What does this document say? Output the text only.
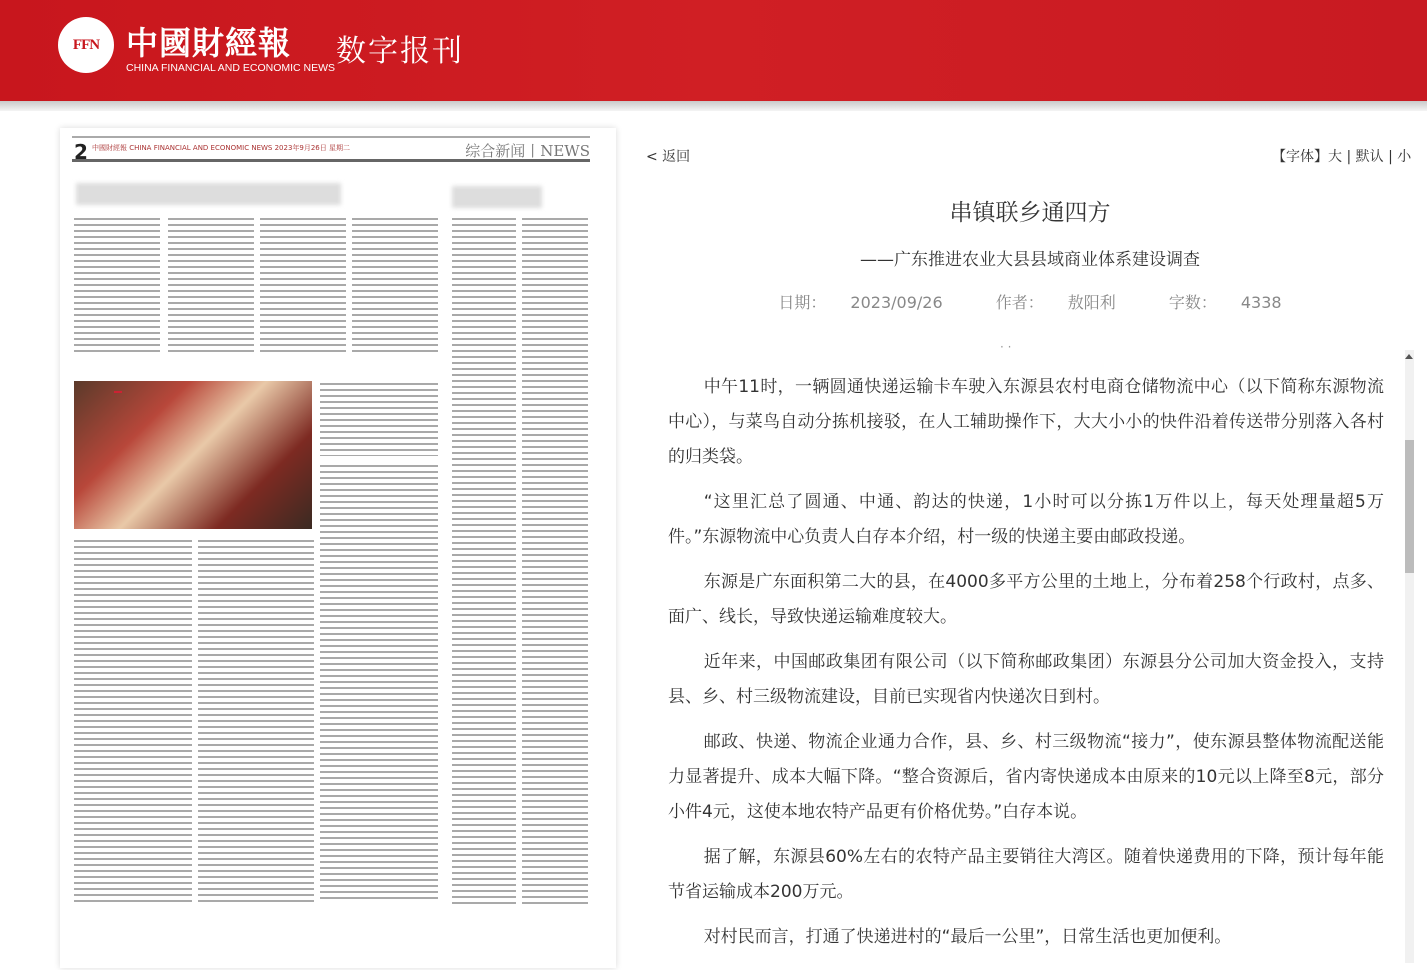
FFN 中國財經報
CHINA FINANCIAL AND ECONOMIC NEWS 数字报刊
2 中國財經報 CHINA FINANCIAL AND ECONOMIC NEWS 2023年9月26日 星期二	综合新闻丨NEWS	< 返回	【字体】大 | 默认 | 小
串镇联乡通四方
——广东推进农业大县县域商业体系建设调查
日期： 2023/09/26	作者： 敖阳利	字数： 4338
· ·

中午11时，一辆圆通快递运输卡车驶入东源县农村电商仓储物流中心（以下简称东源物流中心），与菜鸟自动分拣机接驳，在人工辅助操作下，大大小小的快件沿着传送带分别落入各村的归类袋。

“这里汇总了圆通、中通、韵达的快递，1小时可以分拣1万件以上，每天处理量超5万件。”东源物流中心负责人白存本介绍，村一级的快递主要由邮政投递。

东源是广东面积第二大的县，在4000多平方公里的土地上，分布着258个行政村，点多、面广、线长，导致快递运输难度较大。

近年来，中国邮政集团有限公司（以下简称邮政集团）东源县分公司加大资金投入，支持县、乡、村三级物流建设，目前已实现省内快递次日到村。

邮政、快递、物流企业通力合作，县、乡、村三级物流“接力”，使东源县整体物流配送能力显著提升、成本大幅下降。“整合资源后，省内寄快递成本由原来的10元以上降至8元，部分小件4元，这使本地农特产品更有价格优势。”白存本说。

据了解，东源县60%左右的农特产品主要销往大湾区。随着快递费用的下降，预计每年能节省运输成本200万元。

对村民而言，打通了快递进村的“最后一公里”，日常生活也更加便利。
